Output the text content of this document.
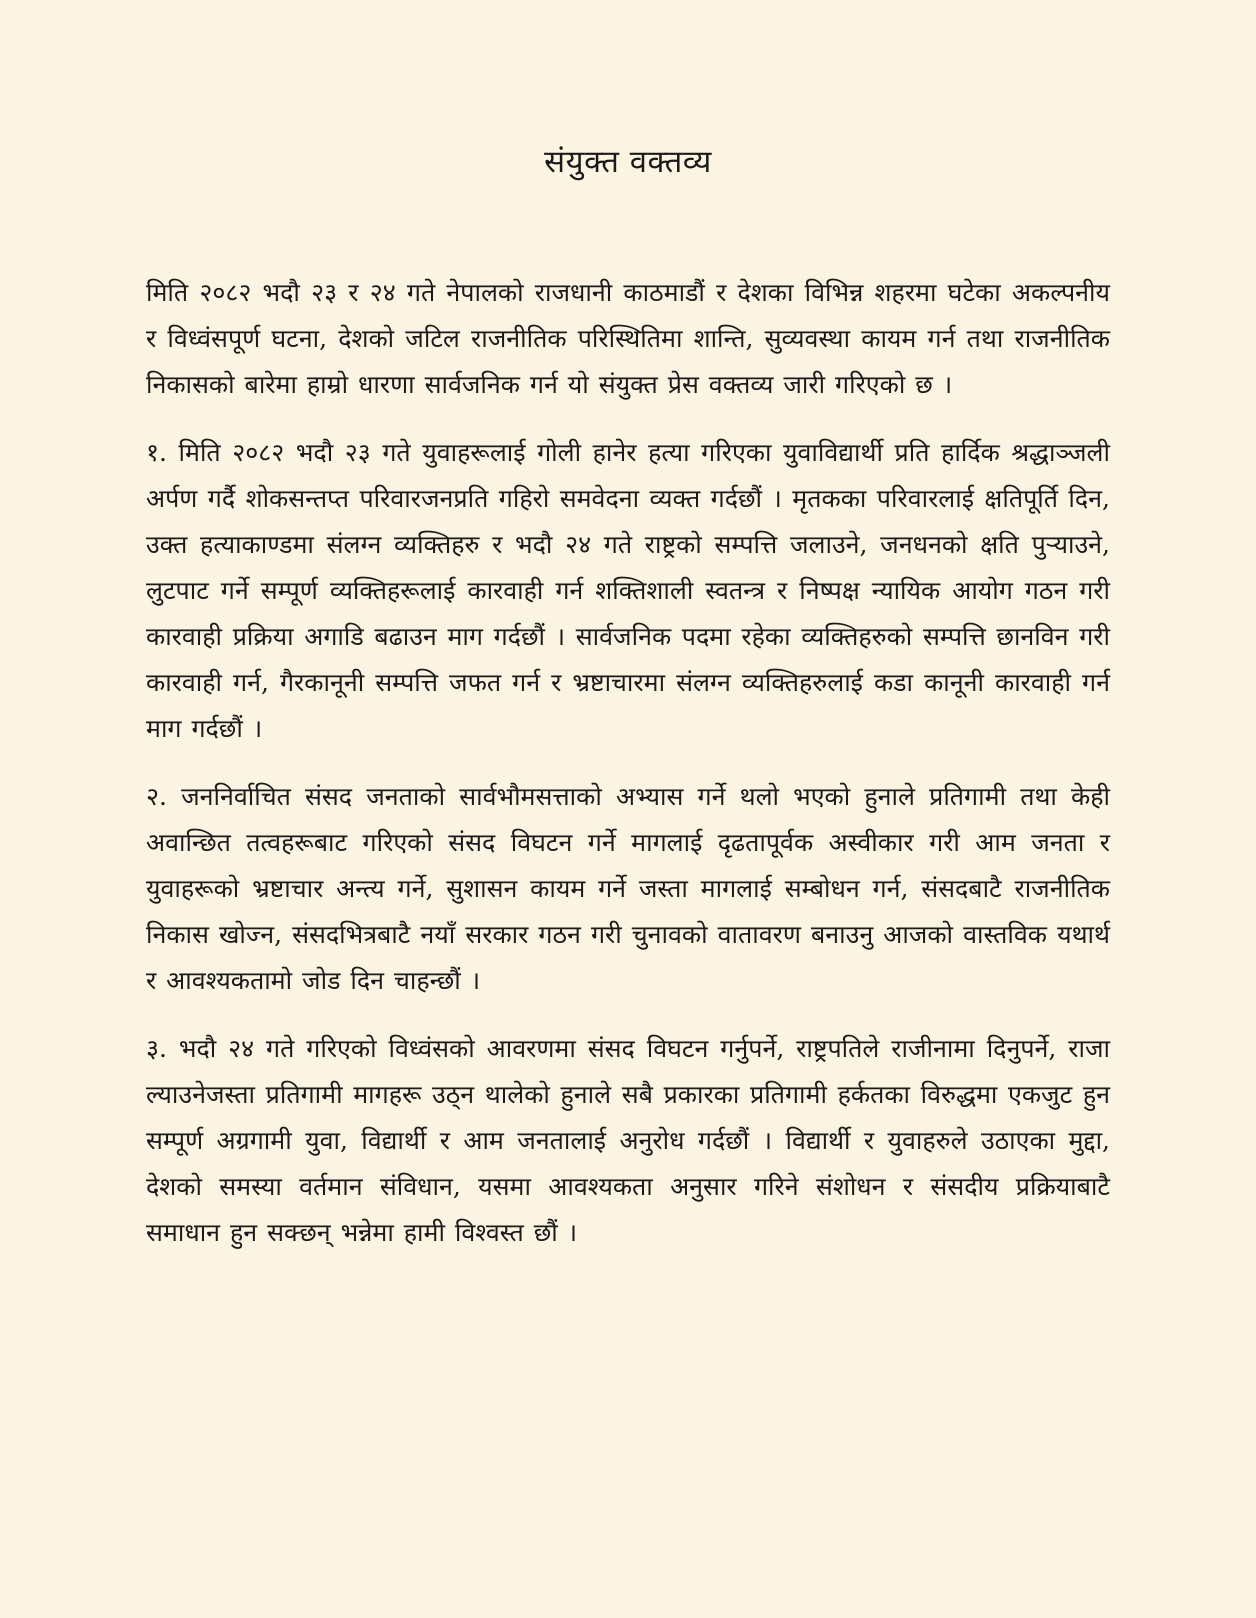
संयुक्त वक्तव्य

मिति २०८२ भदौ २३ र २४ गते नेपालको राजधानी काठमाडौं र देशका विभिन्न शहरमा घटेका अकल्पनीय र विध्वंसपूर्ण घटना, देशको जटिल राजनीतिक परिस्थितिमा शान्ति, सुव्यवस्था कायम गर्न तथा राजनीतिक निकासको बारेमा हाम्रो धारणा सार्वजनिक गर्न यो संयुक्त प्रेस वक्तव्य जारी गरिएको छ ।

१. मिति २०८२ भदौ २३ गते युवाहरूलाई गोली हानेर हत्या गरिएका युवाविद्यार्थी प्रति हार्दिक श्रद्धाञ्जली अर्पण गर्दै शोकसन्तप्त परिवारजनप्रति गहिरो समवेदना व्यक्त गर्दछौं । मृतकका परिवारलाई क्षतिपूर्ति दिन, उक्त हत्याकाण्डमा संलग्न व्यक्तिहरु र भदौ २४ गते राष्ट्रको सम्पत्ति जलाउने, जनधनको क्षति पुर्‍याउने, लुटपाट गर्ने सम्पूर्ण व्यक्तिहरूलाई कारवाही गर्न शक्तिशाली स्वतन्त्र र निष्पक्ष न्यायिक आयोग गठन गरी कारवाही प्रक्रिया अगाडि बढाउन माग गर्दछौं । सार्वजनिक पदमा रहेका व्यक्तिहरुको सम्पत्ति छानविन गरी कारवाही गर्न, गैरकानूनी सम्पत्ति जफत गर्न र भ्रष्टाचारमा संलग्न व्यक्तिहरुलाई कडा कानूनी कारवाही गर्न माग गर्दछौं ।

२. जननिर्वाचित संसद जनताको सार्वभौमसत्ताको अभ्यास गर्ने थलो भएको हुनाले प्रतिगामी तथा केही अवान्छित तत्वहरूबाट गरिएको संसद विघटन गर्ने मागलाई दृढतापूर्वक अस्वीकार गरी आम जनता र युवाहरूको भ्रष्टाचार अन्त्य गर्ने, सुशासन कायम गर्ने जस्ता मागलाई सम्बोधन गर्न, संसदबाटै राजनीतिक निकास खोज्न, संसदभित्रबाटै नयाँ सरकार गठन गरी चुनावको वातावरण बनाउनु आजको वास्तविक यथार्थ र आवश्यकतामो जोड दिन चाहन्छौं ।

३. भदौ २४ गते गरिएको विध्वंसको आवरणमा संसद विघटन गर्नुपर्ने, राष्ट्रपतिले राजीनामा दिनुपर्ने, राजा ल्याउनेजस्ता प्रतिगामी मागहरू उठ्न थालेको हुनाले सबै प्रकारका प्रतिगामी हर्कतका विरुद्धमा एकजुट हुन सम्पूर्ण अग्रगामी युवा, विद्यार्थी र आम जनतालाई अनुरोध गर्दछौं । विद्यार्थी र युवाहरुले उठाएका मुद्दा, देशको समस्या वर्तमान संविधान, यसमा आवश्यकता अनुसार गरिने संशोधन र संसदीय प्रक्रियाबाटै समाधान हुन सक्छन् भन्नेमा हामी विश्वस्त छौं ।
